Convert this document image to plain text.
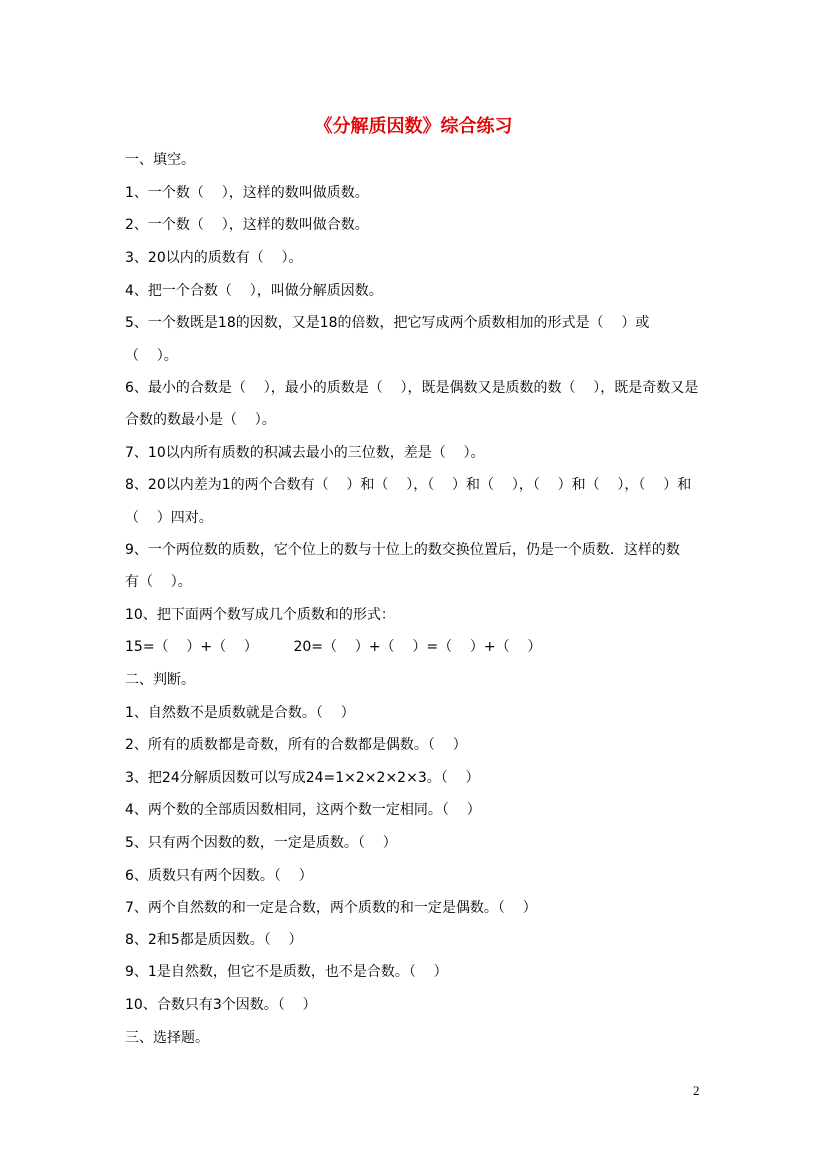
《分解质因数》综合练习
一、填空。
1、一个数（    ），这样的数叫做质数。
2、一个数（    ），这样的数叫做合数。
3、20以内的质数有（    ）。
4、把一个合数（    ），叫做分解质因数。
5、一个数既是18的因数，又是18的倍数，把它写成两个质数相加的形式是（    ）或
（    ）。
6、最小的合数是（    ），最小的质数是（    ），既是偶数又是质数的数（    ），既是奇数又是
合数的数最小是（    ）。
7、10以内所有质数的积减去最小的三位数，差是（    ）。
8、20以内差为1的两个合数有（    ）和（    ），（    ）和（    ），（    ）和（    ），（    ）和
（    ）四对。
9、一个两位数的质数，它个位上的数与十位上的数交换位置后，仍是一个质数．这样的数
有（    ）。
10、把下面两个数写成几个质数和的形式：
15=（    ）+（    ）        20=（    ）+（    ）=（    ）+（    ）
二、判断。
1、自然数不是质数就是合数。（    ）
2、所有的质数都是奇数，所有的合数都是偶数。（    ）
3、把24分解质因数可以写成24=1×2×2×2×3。（    ）
4、两个数的全部质因数相同，这两个数一定相同。（    ）
5、只有两个因数的数，一定是质数。（    ）
6、质数只有两个因数。（    ）
7、两个自然数的和一定是合数，两个质数的和一定是偶数。（    ）
8、2和5都是质因数。（    ）
9、1是自然数，但它不是质数，也不是合数。（    ）
10、合数只有3个因数。（    ）
三、选择题。
2
